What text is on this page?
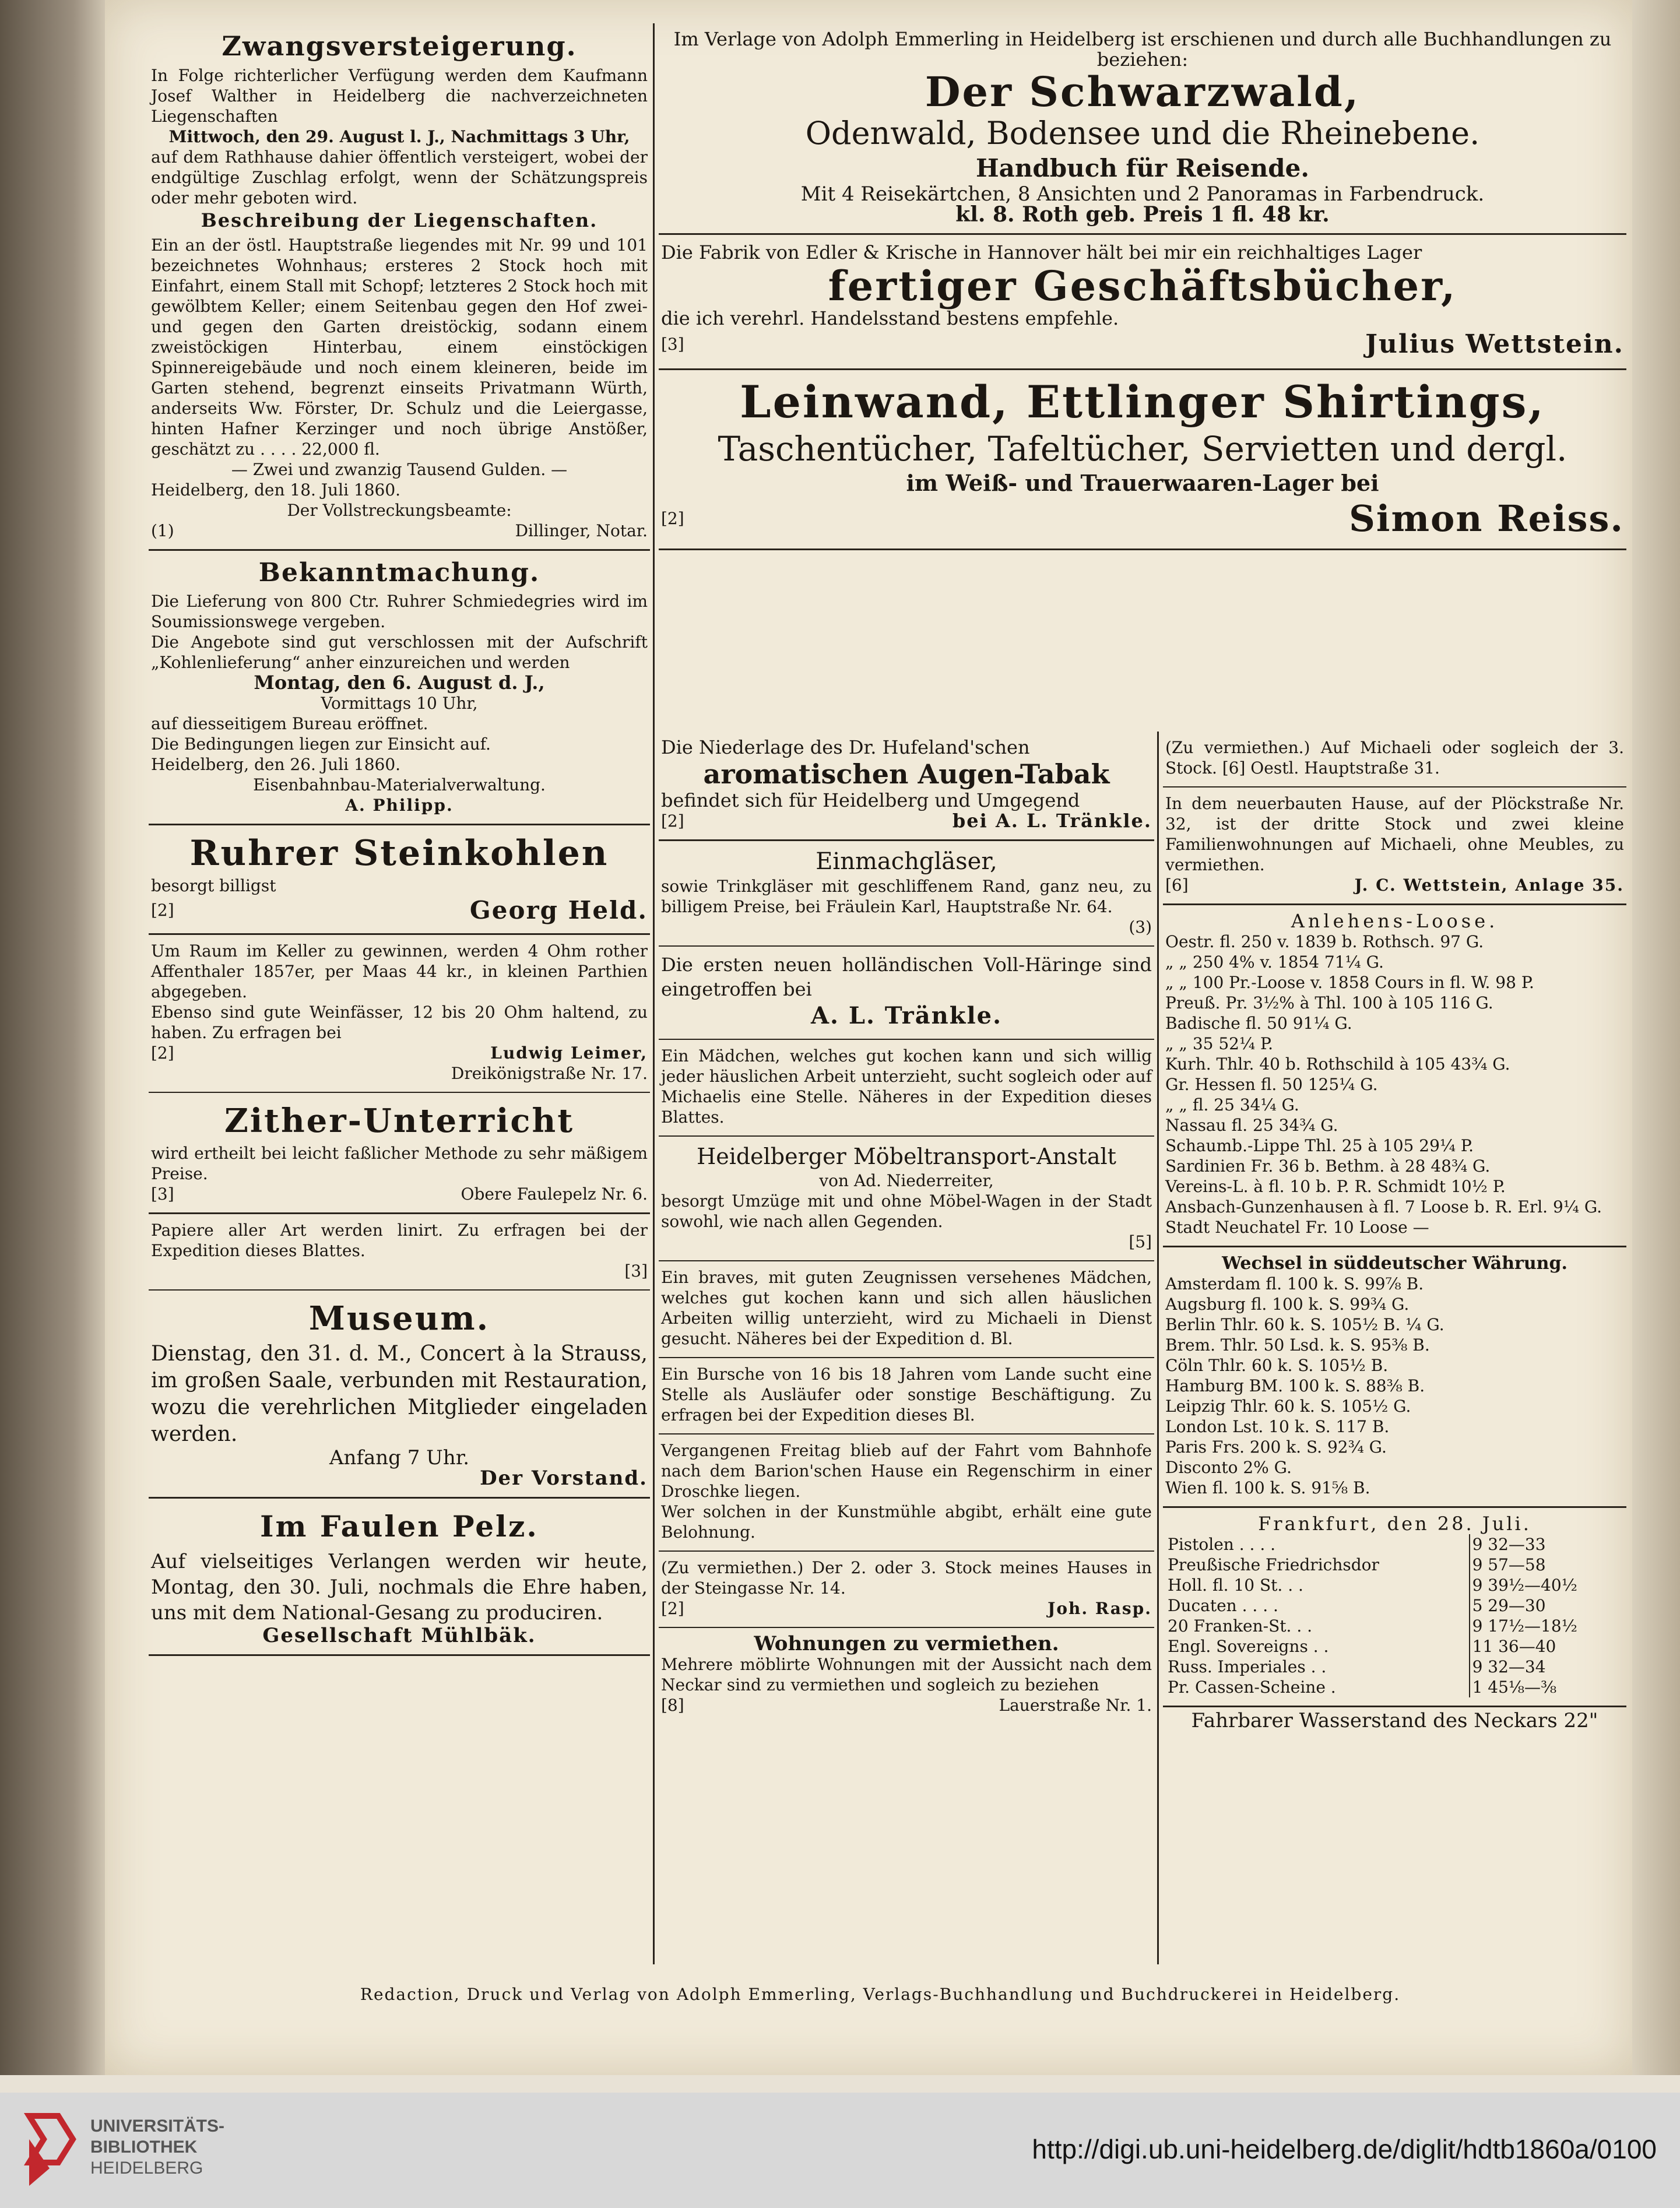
Zwangsversteigerung.

In Folge richterlicher Verfügung werden dem Kaufmann Josef Walther in Heidelberg die nachverzeichneten Liegenschaften

Mittwoch, den 29. August l. J., Nachmittags 3 Uhr,

auf dem Rathhause dahier öffentlich versteigert, wobei der endgültige Zuschlag erfolgt, wenn der Schätzungspreis oder mehr geboten wird.

Beschreibung der Liegenschaften.

Ein an der östl. Hauptstraße liegendes mit Nr. 99 und 101 bezeichnetes Wohnhaus; ersteres 2 Stock hoch mit Einfahrt, einem Stall mit Schopf; letzteres 2 Stock hoch mit gewölbtem Keller; einem Seitenbau gegen den Hof zwei- und gegen den Garten dreistöckig, sodann einem zweistöckigen Hinterbau, einem einstöckigen Spinnereigebäude und noch einem kleineren, beide im Garten stehend, begrenzt einseits Privatmann Würth, anderseits Ww. Förster, Dr. Schulz und die Leiergasse, hinten Hafner Kerzinger und noch übrige Anstößer, geschätzt zu . . . . 22,000 fl.

— Zwei und zwanzig Tausend Gulden. —

Heidelberg, den 18. Juli 1860.

Der Vollstreckungsbeamte:

(1)	Dillinger, Notar.
Bekanntmachung.

Die Lieferung von 800 Ctr. Ruhrer Schmiedegries wird im Soumissionswege vergeben.

Die Angebote sind gut verschlossen mit der Aufschrift „Kohlenlieferung“ anher einzureichen und werden

Montag, den 6. August d. J.,

Vormittags 10 Uhr,

auf diesseitigem Bureau eröffnet.

Die Bedingungen liegen zur Einsicht auf.

Heidelberg, den 26. Juli 1860.

Eisenbahnbau-Materialverwaltung.

A. Philipp.

Ruhrer Steinkohlen

besorgt billigst

[2]	Georg Held.

Um Raum im Keller zu gewinnen, werden 4 Ohm rother Affenthaler 1857er, per Maas 44 kr., in kleinen Parthien abgegeben.

Ebenso sind gute Weinfässer, 12 bis 20 Ohm haltend, zu haben. Zu erfragen bei

[2]	Ludwig Leimer,

Dreikönigstraße Nr. 17.

Zither-Unterricht

wird ertheilt bei leicht faßlicher Methode zu sehr mäßigem Preise.

[3]	Obere Faulepelz Nr. 6.

Papiere aller Art werden linirt. Zu erfragen bei der Expedition dieses Blattes.

[3]

Museum.

Dienstag, den 31. d. M., Concert à la Strauss, im großen Saale, verbunden mit Restauration, wozu die verehrlichen Mitglieder eingeladen werden.

Anfang 7 Uhr.

Der Vorstand.

Im Faulen Pelz.

Auf vielseitiges Verlangen werden wir heute, Montag, den 30. Juli, nochmals die Ehre haben, uns mit dem National-Gesang zu produciren.

Gesellschaft Mühlbäk.

Im Verlage von Adolph Emmerling in Heidelberg ist erschienen und durch alle Buchhandlungen zu beziehen:

Der Schwarzwald,

Odenwald, Bodensee und die Rheinebene.

Handbuch für Reisende.

Mit 4 Reisekärtchen, 8 Ansichten und 2 Panoramas in Farbendruck.

kl. 8. Roth geb. Preis 1 fl. 48 kr.

Die Fabrik von Edler & Krische in Hannover hält bei mir ein reichhaltiges Lager

fertiger Geschäftsbücher,

die ich verehrl. Handelsstand bestens empfehle.

[3]	Julius Wettstein.
Leinwand, Ettlinger Shirtings,

Taschentücher, Tafeltücher, Servietten und dergl.

im Weiß- und Trauerwaaren-Lager bei

[2]	Simon Reiss.

Die Niederlage des Dr. Hufeland'schen

aromatischen Augen-Tabak

befindet sich für Heidelberg und Umgegend

[2]	bei A. L. Tränkle.

Einmachgläser,

sowie Trinkgläser mit geschliffenem Rand, ganz neu, zu billigem Preise, bei Fräulein Karl, Hauptstraße Nr. 64.

(3)

Die ersten neuen holländischen Voll-Häringe sind eingetroffen bei

A. L. Tränkle.

Ein Mädchen, welches gut kochen kann und sich willig jeder häuslichen Arbeit unterzieht, sucht sogleich oder auf Michaelis eine Stelle. Näheres in der Expedition dieses Blattes.

Heidelberger Möbeltransport-Anstalt

von Ad. Niederreiter,

besorgt Umzüge mit und ohne Möbel-Wagen in der Stadt sowohl, wie nach allen Gegenden.

[5]

Ein braves, mit guten Zeugnissen versehenes Mädchen, welches gut kochen kann und sich allen häuslichen Arbeiten willig unterzieht, wird zu Michaeli in Dienst gesucht. Näheres bei der Expedition d. Bl.

Ein Bursche von 16 bis 18 Jahren vom Lande sucht eine Stelle als Ausläufer oder sonstige Beschäftigung. Zu erfragen bei der Expedition dieses Bl.

Vergangenen Freitag blieb auf der Fahrt vom Bahnhofe nach dem Barion'schen Hause ein Regenschirm in einer Droschke liegen.

Wer solchen in der Kunstmühle abgibt, erhält eine gute Belohnung.

(Zu vermiethen.) Der 2. oder 3. Stock meines Hauses in der Steingasse Nr. 14.

[2]	Joh. Rasp.

Wohnungen zu vermiethen.

Mehrere möblirte Wohnungen mit der Aussicht nach dem Neckar sind zu vermiethen und sogleich zu beziehen

[8]	Lauerstraße Nr. 1.

(Zu vermiethen.) Auf Michaeli oder sogleich der 3. Stock. [6] Oestl. Hauptstraße 31.

In dem neuerbauten Hause, auf der Plöckstraße Nr. 32, ist der dritte Stock und zwei kleine Familienwohnungen auf Michaeli, ohne Meubles, zu vermiethen.

[6]	J. C. Wettstein, Anlage 35.

Anlehens-Loose.

Oestr. fl. 250 v. 1839 b. Rothsch. 97 G.

„ „ 250 4% v. 1854 71¼ G.

„ „ 100 Pr.-Loose v. 1858 Cours in fl. W. 98 P.

Preuß. Pr. 3½% à Thl. 100 à 105 116 G.

Badische fl. 50 91¼ G.

„ „ 35 52¼ P.

Kurh. Thlr. 40 b. Rothschild à 105 43¾ G.

Gr. Hessen fl. 50 125¼ G.

„ „ fl. 25 34¼ G.

Nassau fl. 25 34¾ G.

Schaumb.-Lippe Thl. 25 à 105 29¼ P.

Sardinien Fr. 36 b. Bethm. à 28 48¾ G.

Vereins-L. à fl. 10 b. P. R. Schmidt 10½ P.

Ansbach-Gunzenhausen à fl. 7 Loose b. R. Erl. 9¼ G.

Stadt Neuchatel Fr. 10 Loose —

Wechsel in süddeutscher Währung.

Amsterdam fl. 100 k. S. 99⅞ B.

Augsburg fl. 100 k. S. 99¾ G.

Berlin Thlr. 60 k. S. 105½ B. ¼ G.

Brem. Thlr. 50 Lsd. k. S. 95⅜ B.

Cöln Thlr. 60 k. S. 105½ B.

Hamburg BM. 100 k. S. 88⅜ B.

Leipzig Thlr. 60 k. S. 105½ G.

London Lst. 10 k. S. 117 B.

Paris Frs. 200 k. S. 92¾ G.

Disconto 2% G.

Wien fl. 100 k. S. 91⅝ B.

Frankfurt, den 28. Juli.

Pistolen . . . .	9 32—33
Preußische Friedrichsdor	9 57—58
Holl. fl. 10 St. . .	9 39½—40½
Ducaten . . . .	5 29—30
20 Franken-St. . .	9 17½—18½
Engl. Sovereigns . .	11 36—40
Russ. Imperiales . .	9 32—34
Pr. Cassen-Scheine .	1 45⅛—⅜

Fahrbarer Wasserstand des Neckars 22"

Redaction, Druck und Verlag von Adolph Emmerling, Verlags-Buchhandlung und Buchdruckerei in Heidelberg.
UNIVERSITÄTS-
BIBLIOTHEK
HEIDELBERG
http://digi.ub.uni-heidelberg.de/diglit/hdtb1860a/0100
